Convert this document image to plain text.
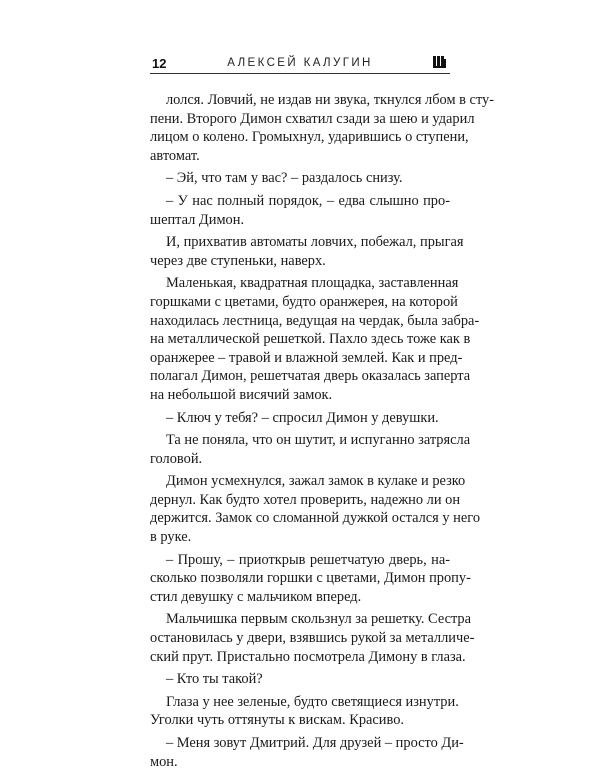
12	АЛЕКСЕЙ КАЛУГИН

лолся. Ловчий, не издав ни звука, ткнулся лбом в сту-
пени. Второго Димон схватил сзади за шею и ударил
лицом о колено. Громыхнул, ударившись о ступени,
автомат.

– Эй, что там у вас? – раздалось снизу.

– У нас полный порядок, – едва слышно про-
шептал Димон.

И, прихватив автоматы ловчих, побежал, прыгая
через две ступеньки, наверх.

Маленькая, квадратная площадка, заставленная
горшками с цветами, будто оранжерея, на которой
находилась лестница, ведущая на чердак, была забра-
на металлической решеткой. Пахло здесь тоже как в
оранжерее – травой и влажной землей. Как и пред-
полагал Димон, решетчатая дверь оказалась заперта
на небольшой висячий замок.

– Ключ у тебя? – спросил Димон у девушки.

Та не поняла, что он шутит, и испуганно затрясла
головой.

Димон усмехнулся, зажал замок в кулаке и резко
дернул. Как будто хотел проверить, надежно ли он
держится. Замок со сломанной дужкой остался у него
в руке.

– Прошу, – приоткрыв решетчатую дверь, на-
сколько позволяли горшки с цветами, Димон пропу-
стил девушку с мальчиком вперед.

Мальчишка первым скользнул за решетку. Сестра
остановилась у двери, взявшись рукой за металличе-
ский прут. Пристально посмотрела Димону в глаза.

– Кто ты такой?

Глаза у нее зеленые, будто светящиеся изнутри.
Уголки чуть оттянуты к вискам. Красиво.

– Меня зовут Дмитрий. Для друзей – просто Ди-
мон.
